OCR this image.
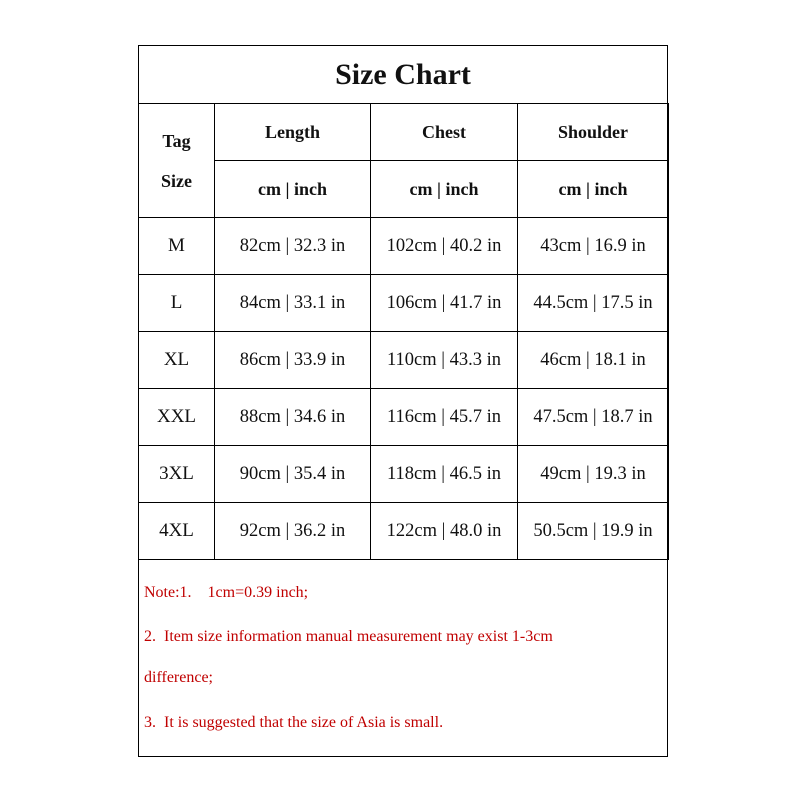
Size Chart
Tag
Size	Length	Chest	Shoulder
	cm | inch	cm | inch	cm | inch
M	82cm | 32.3 in	102cm | 40.2 in	43cm | 16.9 in
L	84cm | 33.1 in	106cm | 41.7 in	44.5cm | 17.5 in
XL	86cm | 33.9 in	110cm | 43.3 in	46cm | 18.1 in
XXL	88cm | 34.6 in	116cm | 45.7 in	47.5cm | 18.7 in
3XL	90cm | 35.4 in	118cm | 46.5 in	49cm | 19.3 in
4XL	92cm | 36.2 in	122cm | 48.0 in	50.5cm | 19.9 in
Note:1.    1cm=0.39 inch;
2.  Item size information manual measurement may exist 1-3cm
difference;
3.  It is suggested that the size of Asia is small.
